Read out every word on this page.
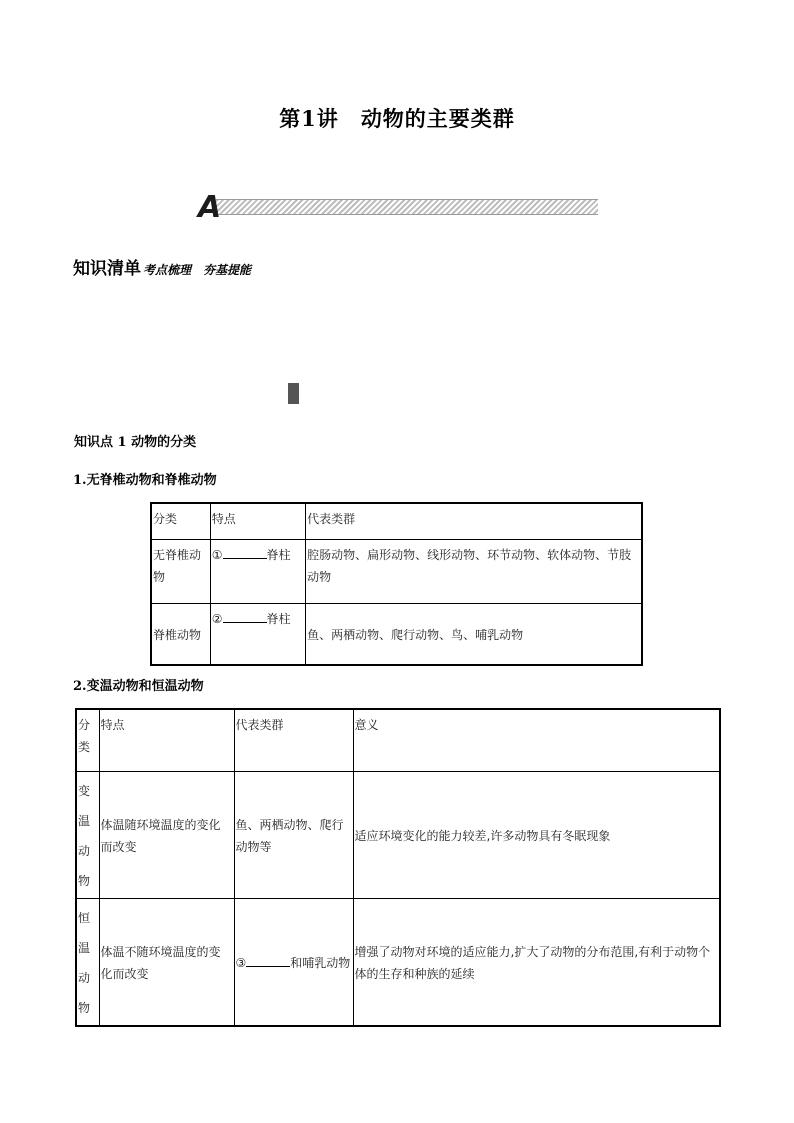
第1讲 动物的主要类群
A
知识清单 考点梳理 夯基提能
知识点 1 动物的分类
1.无脊椎动物和脊椎动物
分类	特点	代表类群
无脊椎动物	① 脊柱	腔肠动物、扁形动物、线形动物、环节动物、软体动物、节肢动物
脊椎动物	② 脊柱	鱼、两栖动物、爬行动物、鸟、哺乳动物
2.变温动物和恒温动物
分类	特点	代表类群	意义
变温动物	体温随环境温度的变化而改变	鱼、两栖动物、爬行动物等	适应环境变化的能力较差,许多动物具有冬眠现象
恒温动物	体温不随环境温度的变化而改变	③ 和哺乳动物	增强了动物对环境的适应能力,扩大了动物的分布范围,有利于动物个体的生存和种族的延续
